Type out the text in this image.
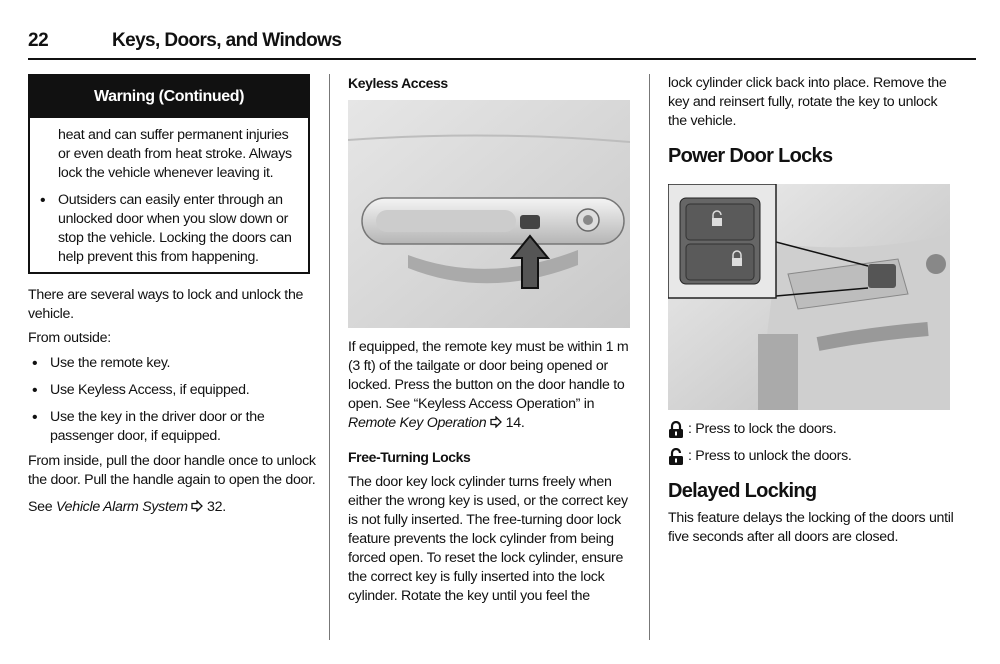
22	Keys, Doors, and Windows
Warning (Continued)

heat and can suffer permanent injuries or even death from heat stroke. Always lock the vehicle whenever leaving it.

• Outsiders can easily enter through an unlocked door when you slow down or stop the vehicle. Locking the doors can help prevent this from happening.

There are several ways to lock and unlock the vehicle.

From outside:

• Use the remote key.

• Use Keyless Access, if equipped.

• Use the key in the driver door or the passenger door, if equipped.

From inside, pull the door handle once to unlock the door. Pull the handle again to open the door.

See Vehicle Alarm System 32.

Keyless Access

If equipped, the remote key must be within 1 m (3 ft) of the tailgate or door being opened or locked. Press the button on the door handle to open. See “Keyless Access Operation” in Remote Key Operation 14.

Free-Turning Locks

The door key lock cylinder turns freely when either the wrong key is used, or the correct key is not fully inserted. The free-turning door lock feature prevents the lock cylinder from being forced open. To reset the lock cylinder, ensure the correct key is fully inserted into the lock cylinder. Rotate the key until you feel the

lock cylinder click back into place. Remove the key and reinsert fully, rotate the key to unlock the vehicle.

Power Door Locks
: Press to lock the doors.
: Press to unlock the doors.
Delayed Locking

This feature delays the locking of the doors until five seconds after all doors are closed.
